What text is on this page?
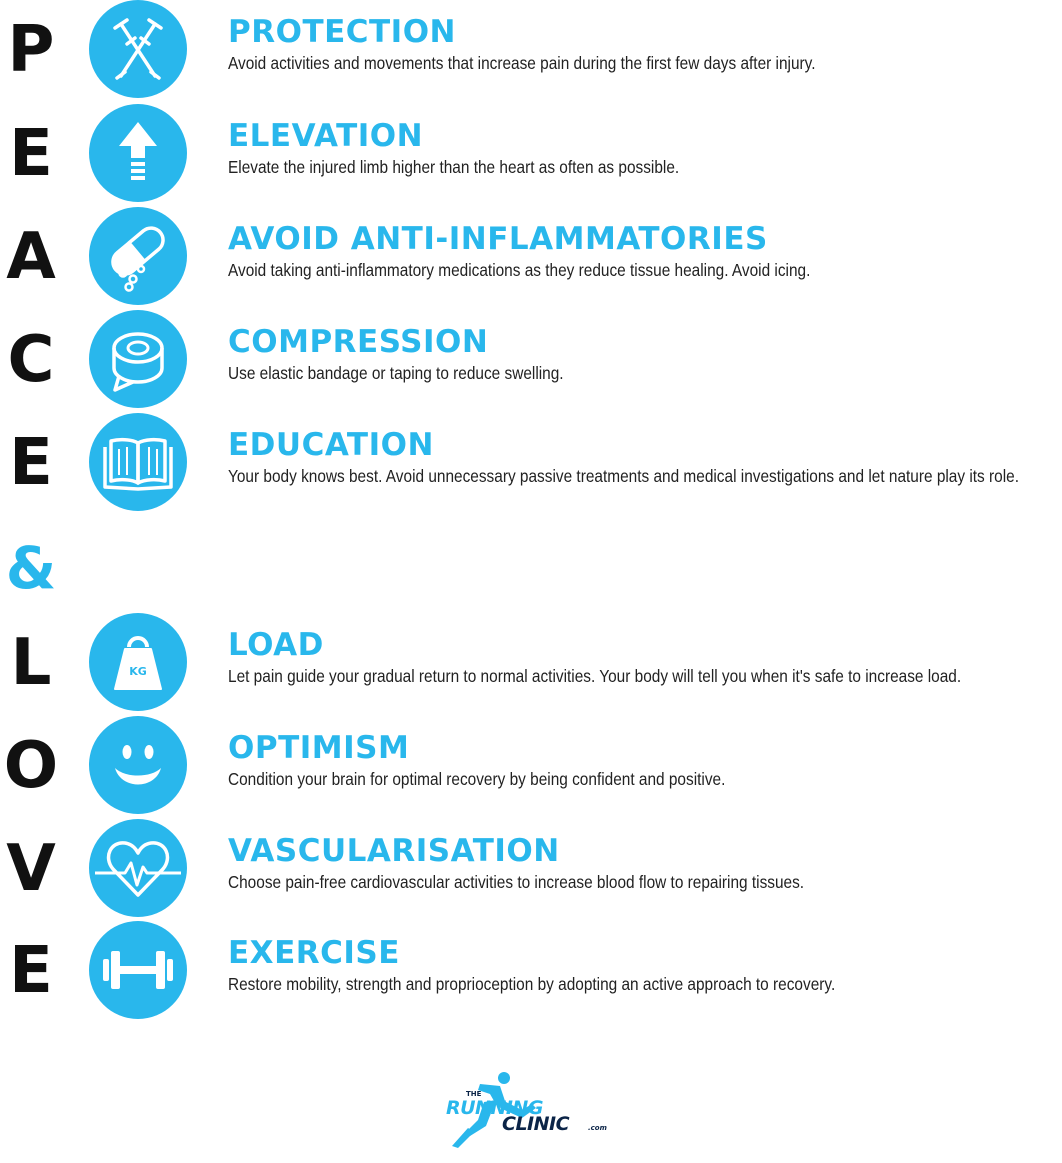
P	PROTECTION
Avoid activities and movements that increase pain during the first few days after injury.
E	ELEVATION
Elevate the injured limb higher than the heart as often as possible.
A	AVOID ANTI-INFLAMMATORIES
Avoid taking anti-inflammatory medications as they reduce tissue healing. Avoid icing.
C	COMPRESSION
Use elastic bandage or taping to reduce swelling.
E	EDUCATION
Your body knows best. Avoid unnecessary passive treatments and medical investigations and let nature play its role.
&
L	KG
LOAD
Let pain guide your gradual return to normal activities. Your body will tell you when it's safe to increase load.
O	OPTIMISM
Condition your brain for optimal recovery by being confident and positive.
V	VASCULARISATION
Choose pain-free cardiovascular activities to increase blood flow to repairing tissues.
E	EXERCISE
Restore mobility, strength and proprioception by adopting an active approach to recovery.
THE
RUNNING
CLINIC	.com
